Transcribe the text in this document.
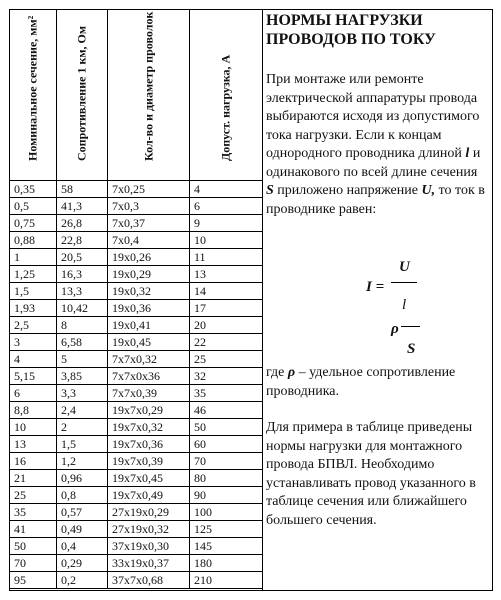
Номинальное сечение, мм²	Сопротивление 1 км, Ом	Кол-во и диаметр проволок	Допуст. нагрузка, А

0,35	58	7x0,25	4
0,5	41,3	7x0,3	6
0,75	26,8	7x0,37	9
0,88	22,8	7x0,4	10
1	20,5	19x0,26	11
1,25	16,3	19x0,29	13
1,5	13,3	19x0,32	14
1,93	10,42	19x0,36	17
2,5	8	19x0,41	20
3	6,58	19x0,45	22
4	5	7x7x0,32	25
5,15	3,85	7x7x0x36	32
6	3,3	7x7x0,39	35
8,8	2,4	19x7x0,29	46
10	2	19x7x0,32	50
13	1,5	19x7x0,36	60
16	1,2	19x7x0,39	70
21	0,96	19x7x0,45	80
25	0,8	19x7x0,49	90
35	0,57	27x19x0,29	100
41	0,49	27x19x0,32	125
50	0,4	37x19x0,30	145
70	0,29	33x19x0,37	180
95	0,2	37x7x0,68	210
НОРМЫ НАГРУЗКИ ПРОВОДОВ ПО ТОКУ

При монтаже или ремонте электрической аппаратуры провода выбираются исходя из допустимого тока нагрузки. Если к концам однородного проводника длиной l и одинакового по всей длине сечения S приложено напряжение U, то ток в проводнике равен:

I =
U
l
ρ
S

где ρ – удельное сопротивление проводника.

Для примера в таблице приведены нормы нагрузки для монтажного провода БПВЛ. Необходимо устанавливать провод указанного в таблице сечения или ближайшего большего сечения.
